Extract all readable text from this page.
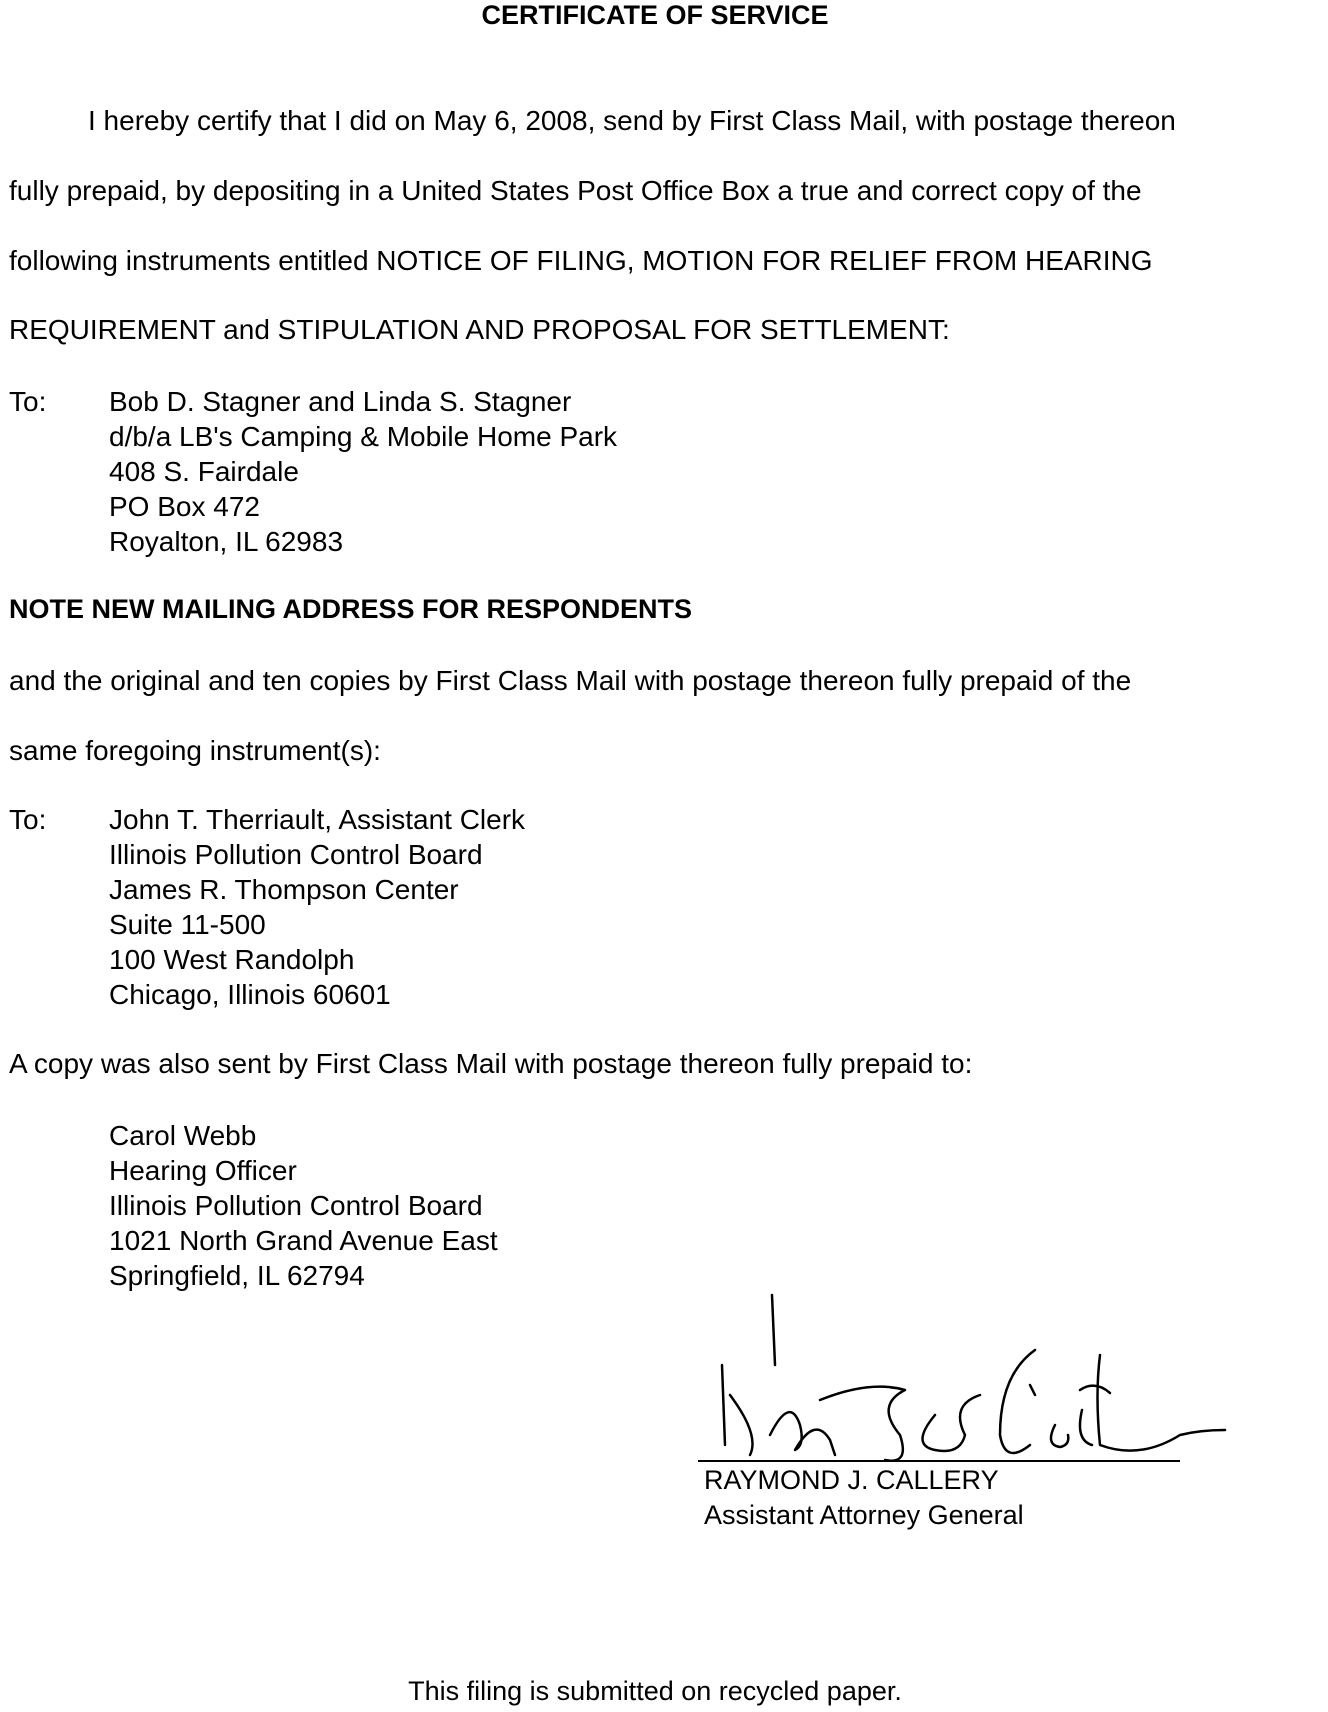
CERTIFICATE OF SERVICE
I hereby certify that I did on May 6, 2008, send by First Class Mail, with postage thereon
fully prepaid, by depositing in a United States Post Office Box a true and correct copy of the
following instruments entitled NOTICE OF FILING, MOTION FOR RELIEF FROM HEARING
REQUIREMENT and STIPULATION AND PROPOSAL FOR SETTLEMENT:
To: Bob D. Stagner and Linda S. Stagner
d/b/a LB's Camping & Mobile Home Park
408 S. Fairdale
PO Box 472
Royalton, IL 62983
NOTE NEW MAILING ADDRESS FOR RESPONDENTS
and the original and ten copies by First Class Mail with postage thereon fully prepaid of the
same foregoing instrument(s):
To: John T. Therriault, Assistant Clerk
Illinois Pollution Control Board
James R. Thompson Center
Suite 11-500
100 West Randolph
Chicago, Illinois 60601
A copy was also sent by First Class Mail with postage thereon fully prepaid to:
Carol Webb
Hearing Officer
Illinois Pollution Control Board
1021 North Grand Avenue East
Springfield, IL 62794
RAYMOND J. CALLERY
Assistant Attorney General
This filing is submitted on recycled paper.
